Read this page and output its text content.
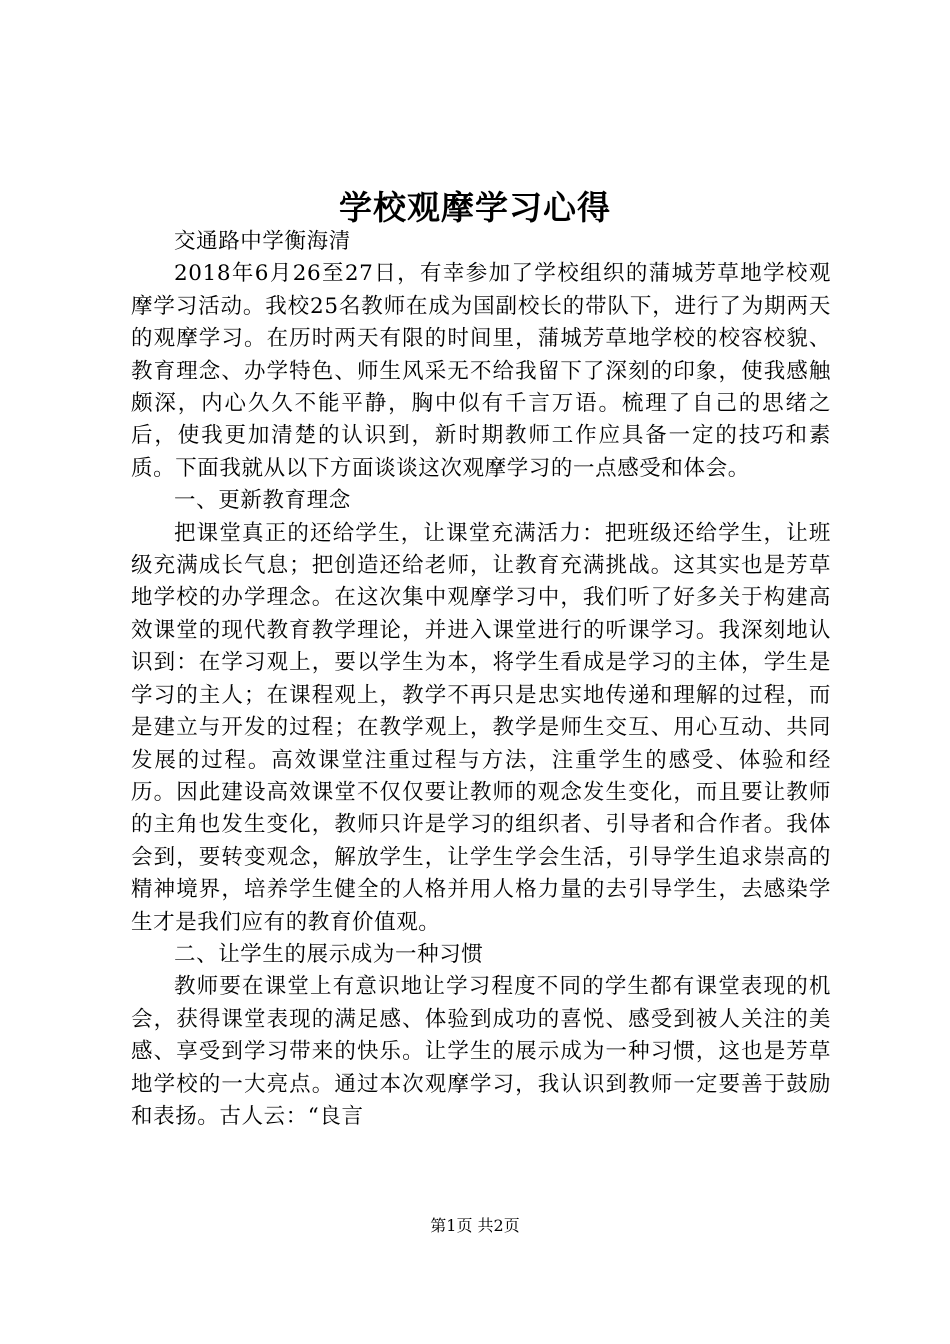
学校观摩学习心得

交通路中学衡海清

2018年6月26至27日，有幸参加了学校组织的蒲城芳草地学校观摩学习活动。我校25名教师在成为国副校长的带队下，进行了为期两天的观摩学习。在历时两天有限的时间里，蒲城芳草地学校的校容校貌、教育理念、办学特色、师生风采无不给我留下了深刻的印象，使我感触颇深，内心久久不能平静，胸中似有千言万语。梳理了自己的思绪之后，使我更加清楚的认识到，新时期教师工作应具备一定的技巧和素质。下面我就从以下方面谈谈这次观摩学习的一点感受和体会。

一、更新教育理念

把课堂真正的还给学生，让课堂充满活力：把班级还给学生，让班级充满成长气息；把创造还给老师，让教育充满挑战。这其实也是芳草地学校的办学理念。在这次集中观摩学习中，我们听了好多关于构建高效课堂的现代教育教学理论，并进入课堂进行的听课学习。我深刻地认识到：在学习观上，要以学生为本，将学生看成是学习的主体，学生是学习的主人；在课程观上，教学不再只是忠实地传递和理解的过程，而是建立与开发的过程；在教学观上，教学是师生交互、用心互动、共同发展的过程。高效课堂注重过程与方法，注重学生的感受、体验和经历。因此建设高效课堂不仅仅要让教师的观念发生变化，而且要让教师的主角也发生变化，教师只许是学习的组织者、引导者和合作者。我体会到，要转变观念，解放学生，让学生学会生活，引导学生追求崇高的精神境界，培养学生健全的人格并用人格力量的去引导学生，去感染学生才是我们应有的教育价值观。

二、让学生的展示成为一种习惯

教师要在课堂上有意识地让学习程度不同的学生都有课堂表现的机会，获得课堂表现的满足感、体验到成功的喜悦、感受到被人关注的美感、享受到学习带来的快乐。让学生的展示成为一种习惯，这也是芳草地学校的一大亮点。通过本次观摩学习，我认识到教师一定要善于鼓励和表扬。古人云：“良言

第1页 共2页
